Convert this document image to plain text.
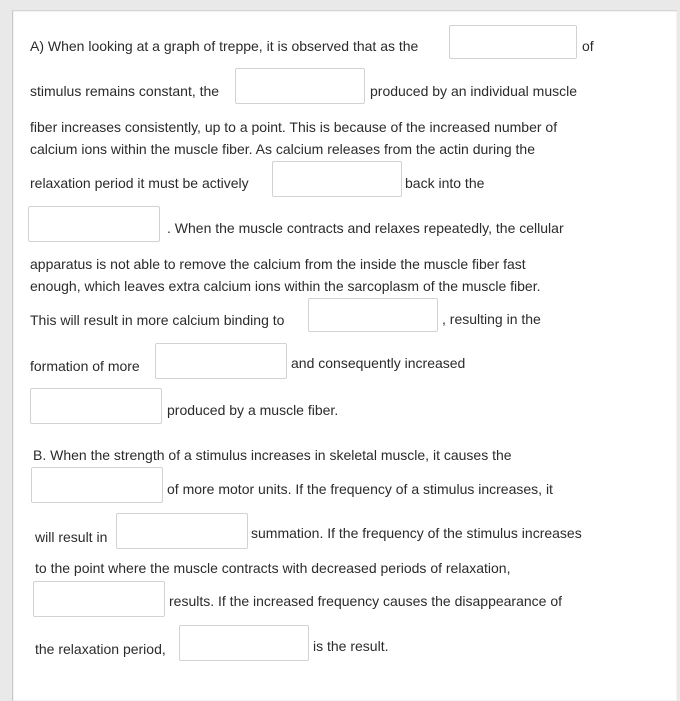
A) When looking at a graph of treppe, it is observed that as the	of
stimulus remains constant, the	produced by an individual muscle
fiber increases consistently, up to a point. This is because of the increased number of
calcium ions within the muscle fiber. As calcium releases from the actin during the
relaxation period it must be actively	back into the
. When the muscle contracts and relaxes repeatedly, the cellular
apparatus is not able to remove the calcium from the inside the muscle fiber fast
enough, which leaves extra calcium ions within the sarcoplasm of the muscle fiber.
This will result in more calcium binding to	, resulting in the
formation of more	and consequently increased
produced by a muscle fiber.
B. When the strength of a stimulus increases in skeletal muscle, it causes the
of more motor units. If the frequency of a stimulus increases, it
will result in	summation. If the frequency of the stimulus increases
to the point where the muscle contracts with decreased periods of relaxation,
results. If the increased frequency causes the disappearance of
the relaxation period,	is the result.
